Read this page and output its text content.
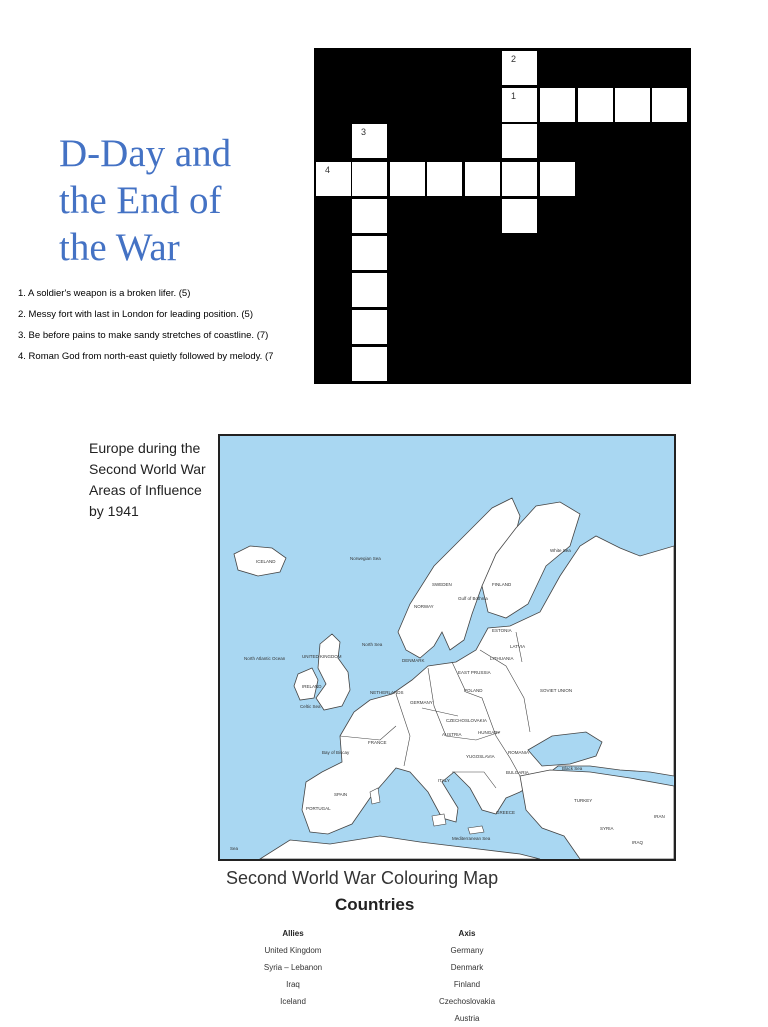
D-Day and
the End of
the War
1. A soldier's weapon is a broken lifer. (5)
2. Messy fort with last in London for leading position. (5)
3. Be before pains to make sandy stretches of coastline. (7)
4. Roman God from north-east quietly followed by melody. (7
2
1
3
4

Europe during the Second World War Areas of Influence by 1941

ICELAND
Norwegian Sea
White Sea
SWEDEN	FINLAND
NORWAY
Gulf of Bothnia
ESTONIA
LATVIA
LITHUANIA
EAST PRUSSIA
North Atlantic Ocean
North Sea
UNITED KINGDOM
IRELAND
DENMARK
POLAND	SOVIET UNION
NETHERLANDS
GERMANY
Celtic Sea
CZECHOSLOVAKIA
AUSTRIA	HUNGARY
FRANCE
ROMANIA
YUGOSLAVIA
Bay of Biscay
Black Sea
ITALY
BULGARIA
SPAIN
TURKEY
PORTUGAL
GREECE
SYRIA
IRAN
Mediterranean Sea
IRAQ
Sea

Second World War Colouring Map

Countries

Allies
United Kingdom
Syria – Lebanon
Iraq
Iceland
Axis
Germany
Denmark
Finland
Czechoslovakia
Austria
